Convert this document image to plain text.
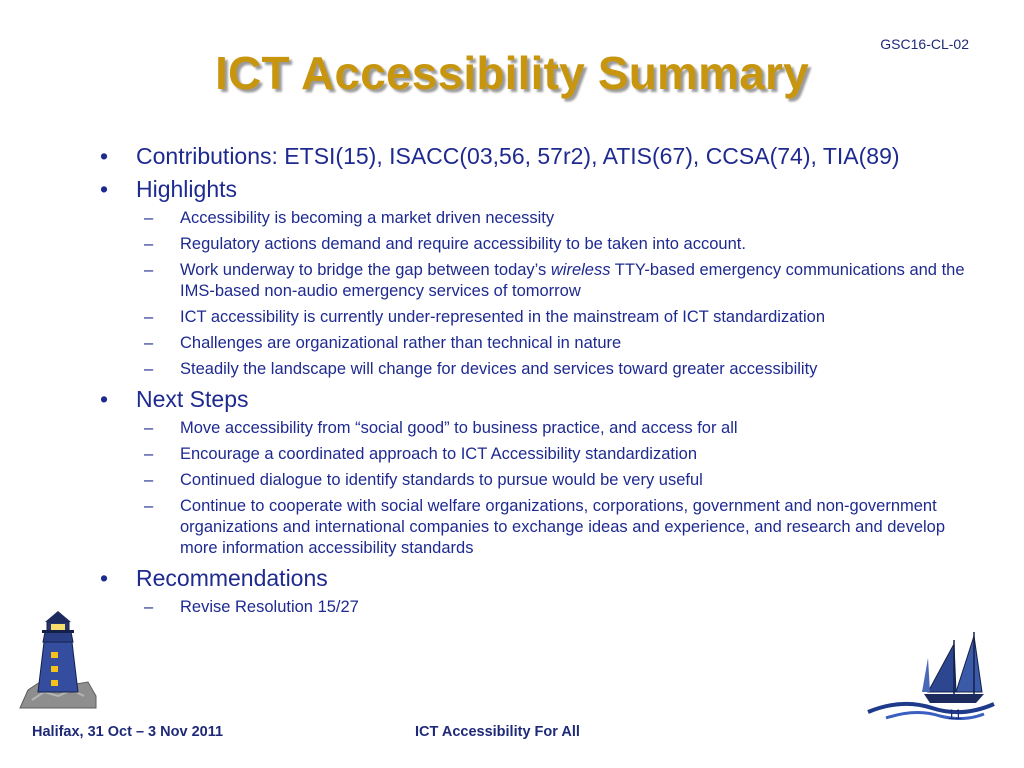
GSC16-CL-02
ICT Accessibility Summary
• Contributions: ETSI(15), ISACC(03,56, 57r2), ATIS(67), CCSA(74), TIA(89)
• Highlights
– Accessibility is becoming a market driven necessity
– Regulatory actions demand and require accessibility to be taken into account.
– Work underway to bridge the gap between today’s wireless TTY-based emergency communications and the IMS-based non-audio emergency services of tomorrow
– ICT accessibility is currently under-represented in the mainstream of ICT standardization
– Challenges are organizational rather than technical in nature
– Steadily the landscape will change for devices and services toward greater accessibility
• Next Steps
– Move accessibility from “social good” to business practice, and access for all
– Encourage a coordinated approach to ICT Accessibility standardization
– Continued dialogue to identify standards to pursue would be very useful
– Continue to cooperate with social welfare organizations, corporations, government and non-government organizations and international companies to exchange ideas and experience, and research and develop more information accessibility standards
• Recommendations
– Revise Resolution 15/27
Halifax, 31 Oct – 3 Nov 2011	ICT Accessibility For All
11
